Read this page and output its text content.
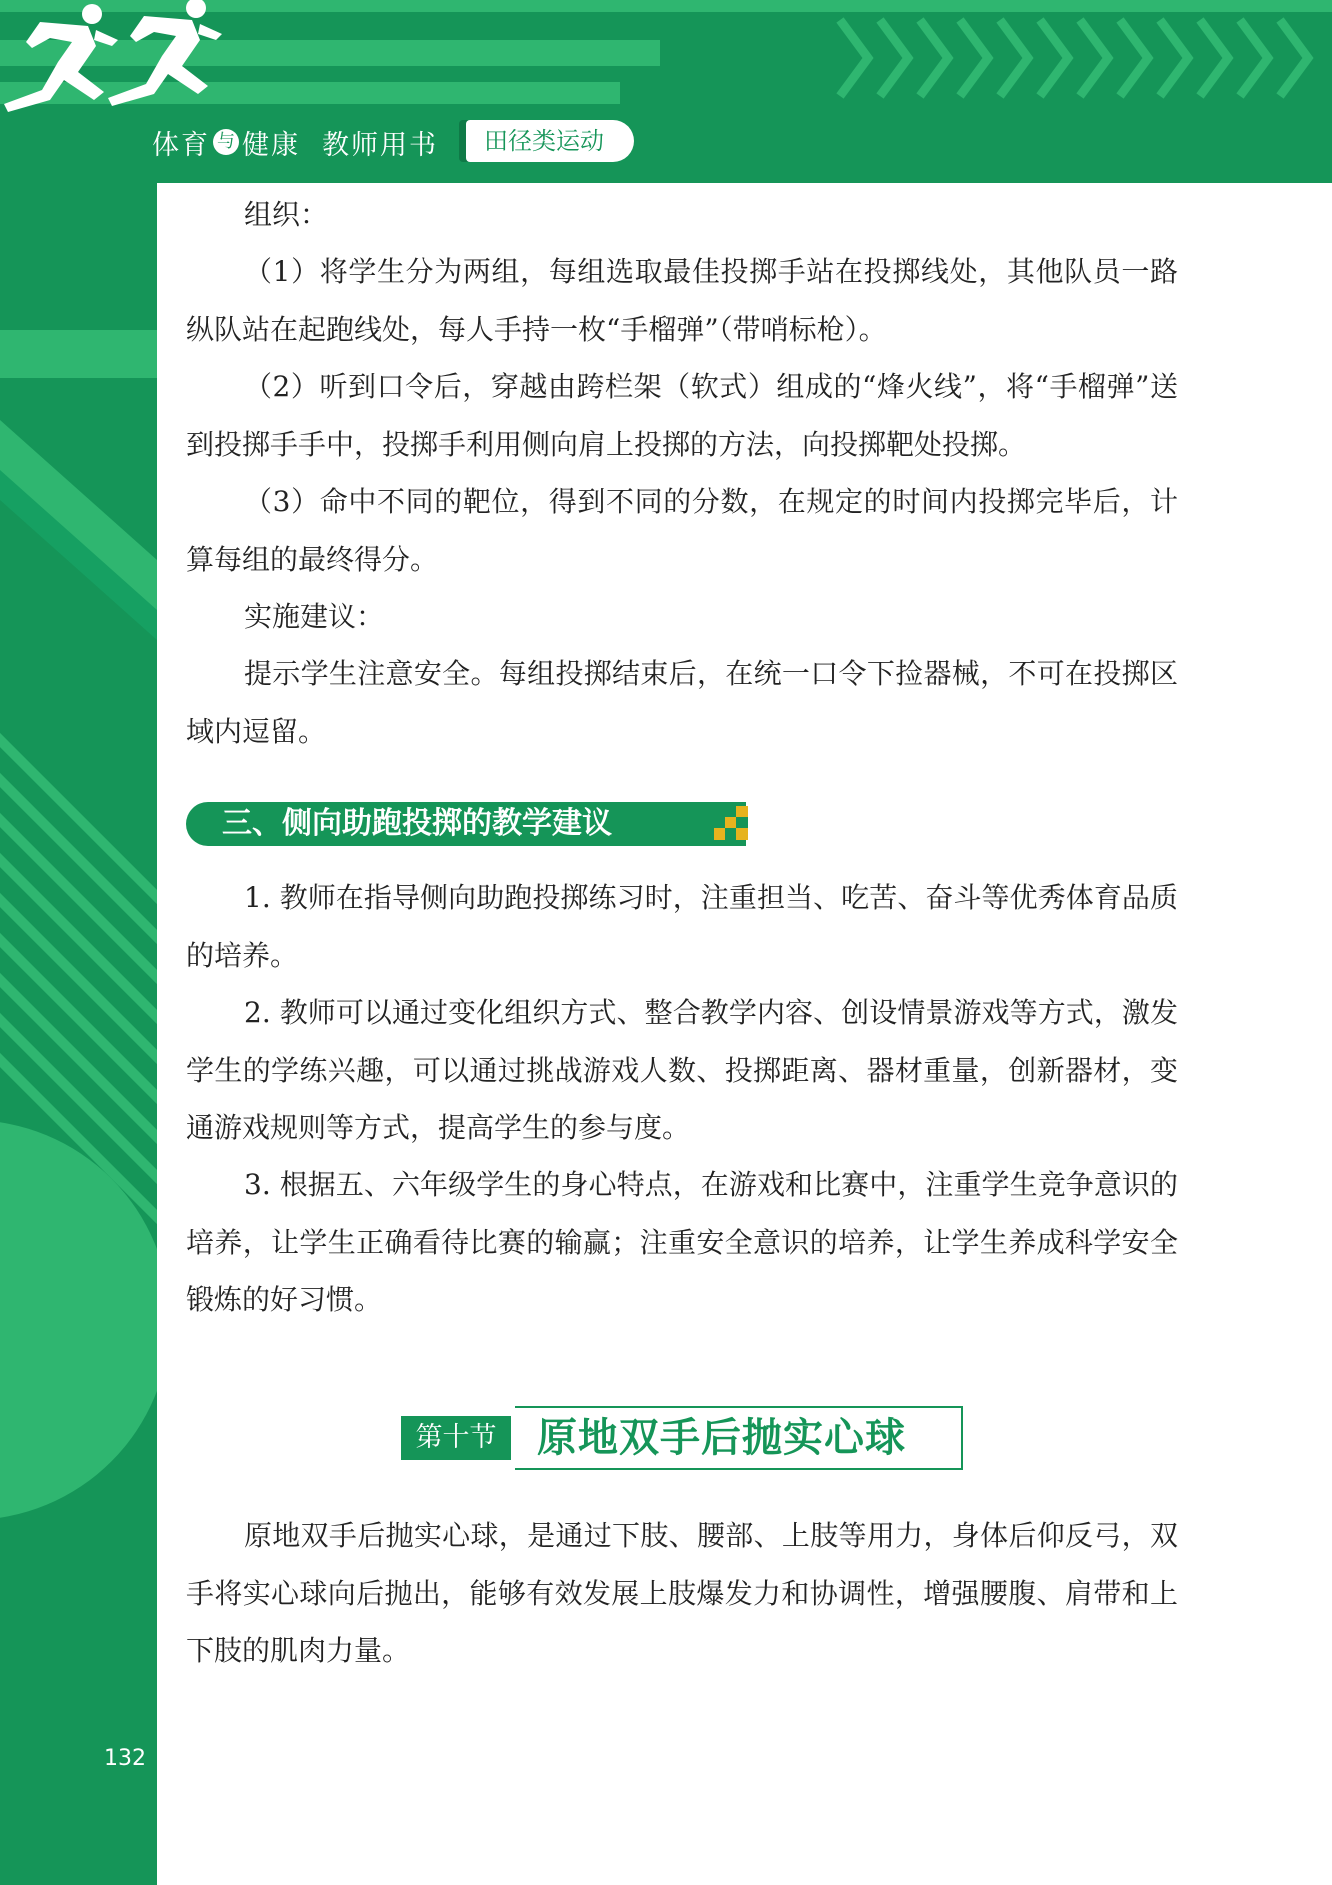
体育 与 健康 教师用书	田径类运动
组织：
（1）将学生分为两组，每组选取最佳投掷手站在投掷线处，其他队员一路纵队站在起跑线处，每人手持一枚“手榴弹”（带哨标枪）。
（2）听到口令后，穿越由跨栏架（软式）组成的“烽火线”，将“手榴弹”送到投掷手手中，投掷手利用侧向肩上投掷的方法，向投掷靶处投掷。
（3）命中不同的靶位，得到不同的分数，在规定的时间内投掷完毕后，计算每组的最终得分。
实施建议：
提示学生注意安全。每组投掷结束后，在统一口令下捡器械，不可在投掷区域内逗留。
三、侧向助跑投掷的教学建议
1. 教师在指导侧向助跑投掷练习时，注重担当、吃苦、奋斗等优秀体育品质的培养。
2. 教师可以通过变化组织方式、整合教学内容、创设情景游戏等方式，激发学生的学练兴趣，可以通过挑战游戏人数、投掷距离、器材重量，创新器材，变通游戏规则等方式，提高学生的参与度。
3. 根据五、六年级学生的身心特点，在游戏和比赛中，注重学生竞争意识的培养，让学生正确看待比赛的输赢；注重安全意识的培养，让学生养成科学安全锻炼的好习惯。
第十节	原地双手后抛实心球
原地双手后抛实心球，是通过下肢、腰部、上肢等用力，身体后仰反弓，双手将实心球向后抛出，能够有效发展上肢爆发力和协调性，增强腰腹、肩带和上下肢的肌肉力量。
132
